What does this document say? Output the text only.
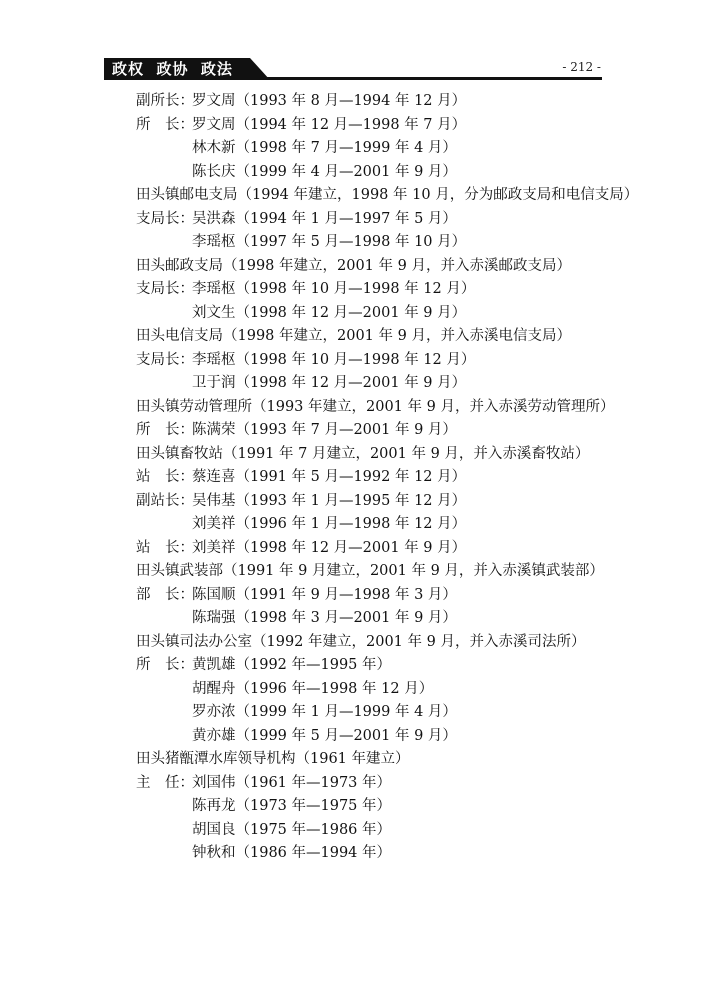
政权  政协  政法	- 212 -
副所长：
罗文周（1993 年 8 月—1994 年 12 月）
所　长：
罗文周（1994 年 12 月—1998 年 7 月）
林木新（1998 年 7 月—1999 年 4 月）
陈长庆（1999 年 4 月—2001 年 9 月）
田头镇邮电支局（1994 年建立，1998 年 10 月，分为邮政支局和电信支局）
支局长：
吴洪森（1994 年 1 月—1997 年 5 月）
李瑶枢（1997 年 5 月—1998 年 10 月）
田头邮政支局（1998 年建立，2001 年 9 月，并入赤溪邮政支局）
支局长：
李瑶枢（1998 年 10 月—1998 年 12 月）
刘文生（1998 年 12 月—2001 年 9 月）
田头电信支局（1998 年建立，2001 年 9 月，并入赤溪电信支局）
支局长：
李瑶枢（1998 年 10 月—1998 年 12 月）
卫于润（1998 年 12 月—2001 年 9 月）
田头镇劳动管理所（1993 年建立，2001 年 9 月，并入赤溪劳动管理所）
所　长：
陈满荣（1993 年 7 月—2001 年 9 月）
田头镇畜牧站（1991 年 7 月建立，2001 年 9 月，并入赤溪畜牧站）
站　长：
蔡连喜（1991 年 5 月—1992 年 12 月）
副站长：
吴伟基（1993 年 1 月—1995 年 12 月）
刘美祥（1996 年 1 月—1998 年 12 月）
站　长：
刘美祥（1998 年 12 月—2001 年 9 月）
田头镇武装部（1991 年 9 月建立，2001 年 9 月，并入赤溪镇武装部）
部　长：
陈国顺（1991 年 9 月—1998 年 3 月）
陈瑞强（1998 年 3 月—2001 年 9 月）
田头镇司法办公室（1992 年建立，2001 年 9 月，并入赤溪司法所）
所　长：
黄凯雄（1992 年—1995 年）
胡醒舟（1996 年—1998 年 12 月）
罗亦浓（1999 年 1 月—1999 年 4 月）
黄亦雄（1999 年 5 月—2001 年 9 月）
田头猪甑潭水库领导机构（1961 年建立）
主　任：
刘国伟（1961 年—1973 年）
陈再龙（1973 年—1975 年）
胡国良（1975 年—1986 年）
钟秋和（1986 年—1994 年）
